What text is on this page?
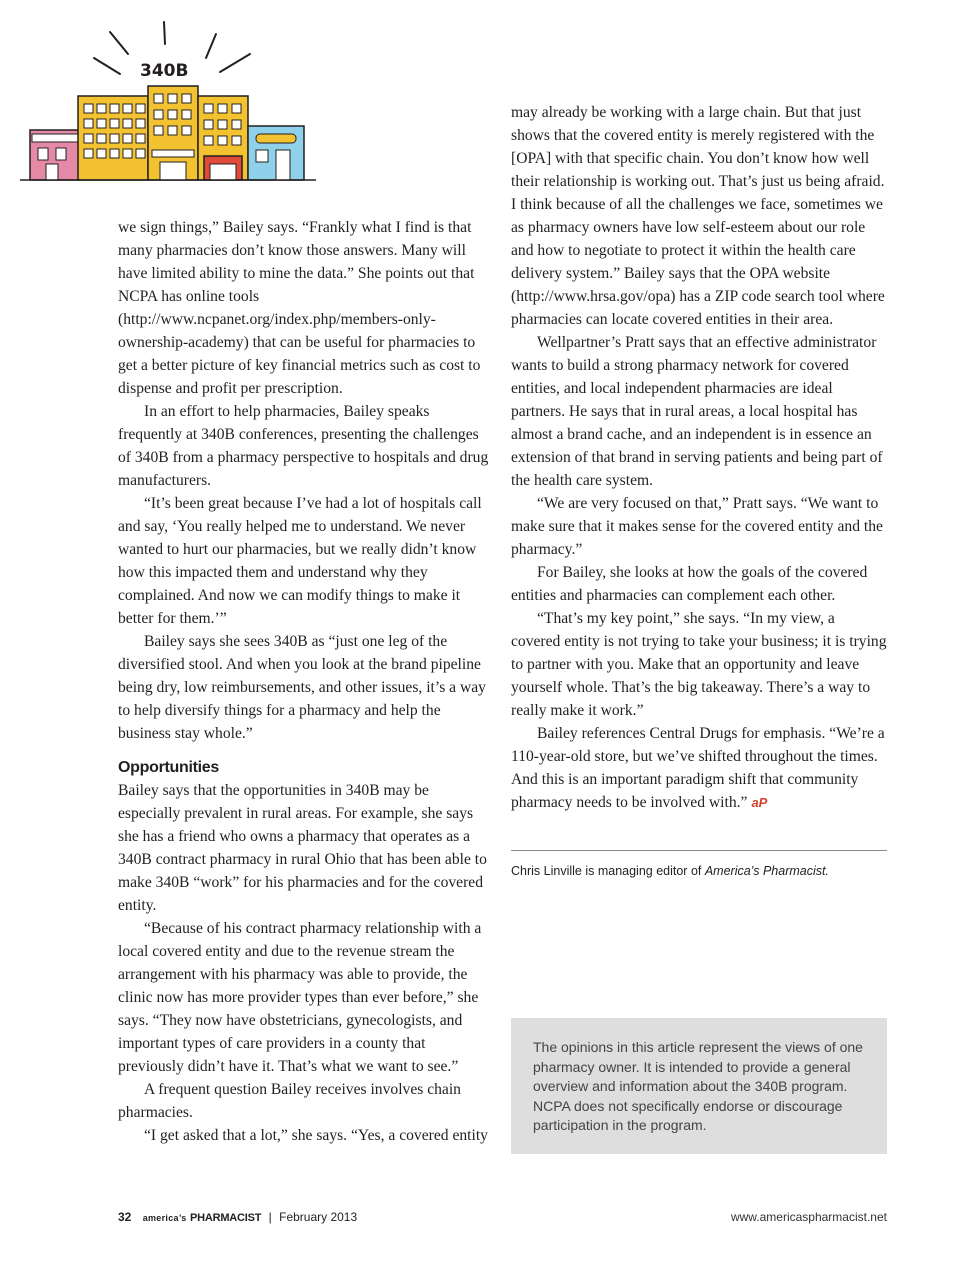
340B

we sign things,” Bailey says. “Frankly what I find is that many pharmacies don’t know those answers. Many will have limited ability to mine the data.” She points out that NCPA has online tools (http://www.ncpanet.org/index.php/members-only-ownership-academy) that can be useful for pharmacies to get a better picture of key financial metrics such as cost to dispense and profit per prescription.

In an effort to help pharmacies, Bailey speaks frequently at 340B conferences, presenting the challenges of 340B from a pharmacy perspective to hospitals and drug manufacturers.

“It’s been great because I’ve had a lot of hospitals call and say, ‘You really helped me to understand. We never wanted to hurt our pharmacies, but we really didn’t know how this impacted them and understand why they complained. And now we can modify things to make it better for them.’”

Bailey says she sees 340B as “just one leg of the diversified stool. And when you look at the brand pipeline being dry, low reimbursements, and other issues, it’s a way to help diversify things for a pharmacy and help the business stay whole.”

Opportunities

Bailey says that the opportunities in 340B may be especially prevalent in rural areas. For example, she says she has a friend who owns a pharmacy that operates as a 340B contract pharmacy in rural Ohio that has been able to make 340B “work” for his pharmacies and for the covered entity.

“Because of his contract pharmacy relationship with a local covered entity and due to the revenue stream the arrangement with his pharmacy was able to provide, the clinic now has more provider types than ever before,” she says. “They now have obstetricians, gynecologists, and important types of care providers in a county that previously didn’t have it. That’s what we want to see.”

A frequent question Bailey receives involves chain pharmacies.

“I get asked that a lot,” she says. “Yes, a covered entity

may already be working with a large chain. But that just shows that the covered entity is merely registered with the [OPA] with that specific chain. You don’t know how well their relationship is working out. That’s just us being afraid. I think because of all the challenges we face, sometimes we as pharmacy owners have low self-esteem about our role and how to negotiate to protect it within the health care delivery system.” Bailey says that the OPA website (http://www.hrsa.gov/opa) has a ZIP code search tool where pharmacies can locate covered entities in their area.

Wellpartner’s Pratt says that an effective administrator wants to build a strong pharmacy network for covered entities, and local independent pharmacies are ideal partners. He says that in rural areas, a local hospital has almost a brand cache, and an independent is in essence an extension of that brand in serving patients and being part of the health care system.

“We are very focused on that,” Pratt says. “We want to make sure that it makes sense for the covered entity and the pharmacy.”

For Bailey, she looks at how the goals of the covered entities and pharmacies can complement each other.

“That’s my key point,” she says. “In my view, a covered entity is not trying to take your business; it is trying to partner with you. Make that an opportunity and leave yourself whole. That’s the big takeaway. There’s a way to really make it work.”

Bailey references Central Drugs for emphasis. “We’re a 110-year-old store, but we’ve shifted throughout the times. And this is an important paradigm shift that community pharmacy needs to be involved with.” aP

Chris Linville is managing editor of America’s Pharmacist.
The opinions in this article represent the views of one pharmacy owner. It is intended to provide a general overview and information about the 340B program. NCPA does not specifically endorse or discourage participation in the program.
32 america’s PHARMACIST | February 2013	www.americaspharmacist.net
